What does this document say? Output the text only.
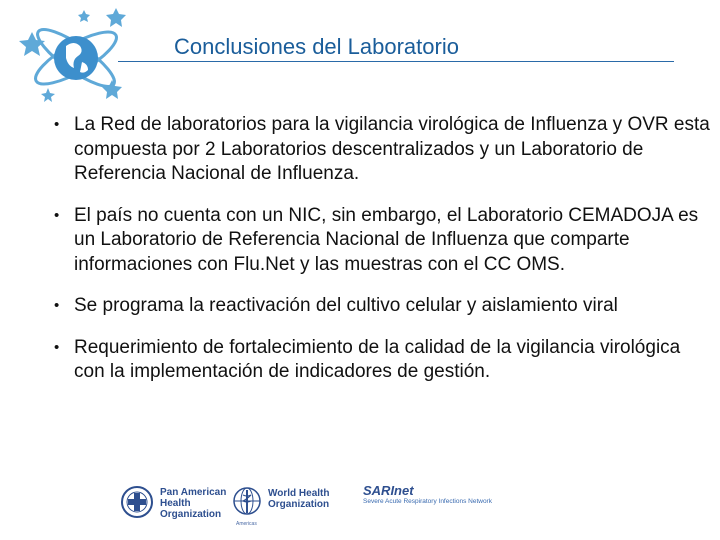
Conclusiones del Laboratorio
• La Red de laboratorios para la vigilancia virológica de Influenza y OVR esta compuesta por 2 Laboratorios descentralizados y un Laboratorio de Referencia Nacional de Influenza.
• El país no cuenta con un NIC, sin embargo, el Laboratorio CEMADOJA es un Laboratorio de Referencia Nacional de Influenza que comparte informaciones con Flu.Net y las muestras con el CC OMS.
• Se programa la reactivación del cultivo celular y aislamiento viral
• Requerimiento de fortalecimiento de la calidad de la vigilancia virológica con la implementación de indicadores de gestión.
Pan American
Health
Organization
World Health
Organization
Americas
SARInet
Severe Acute Respiratory Infections Network
